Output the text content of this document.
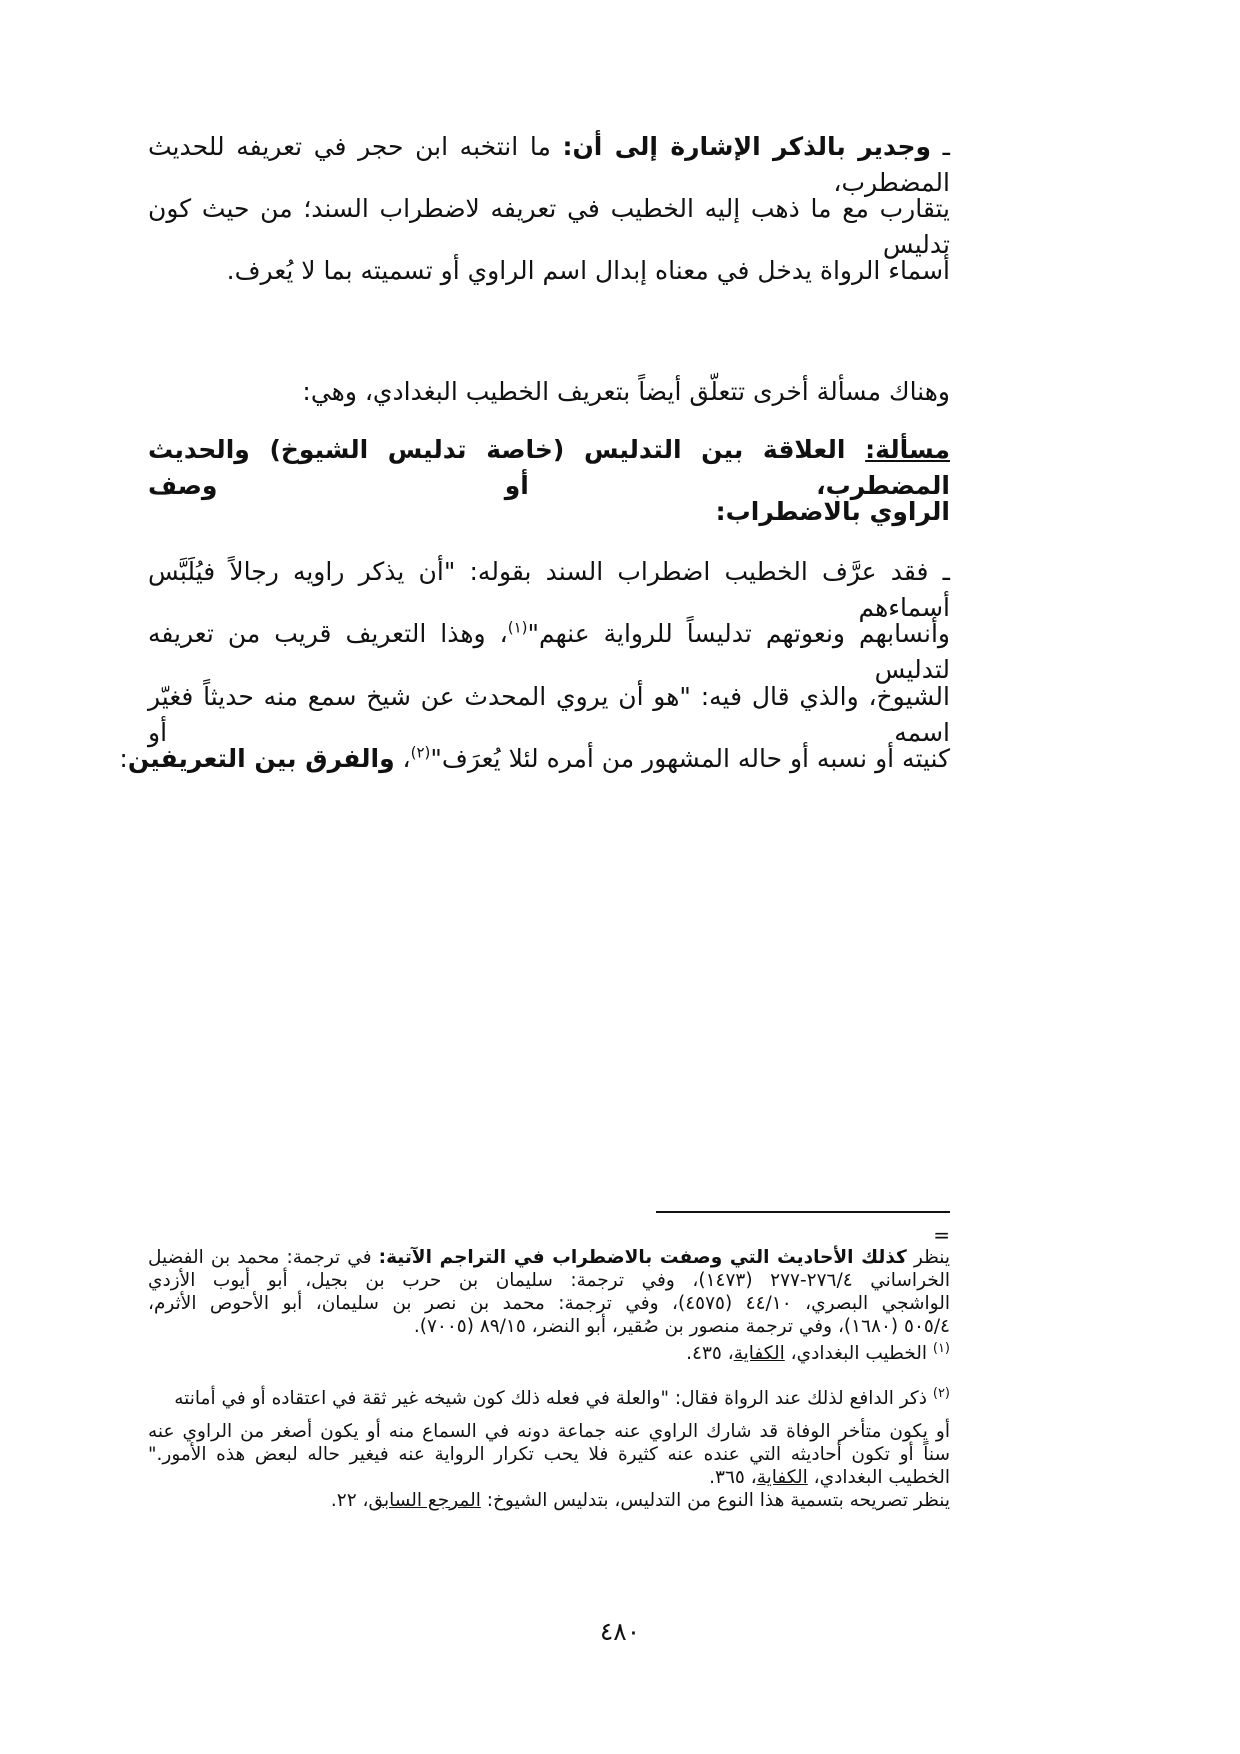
ـ وجدير بالذكر الإشارة إلى أن: ما انتخبه ابن حجر في تعريفه للحديث المضطرب،
يتقارب مع ما ذهب إليه الخطيب في تعريفه لاضطراب السند؛ من حيث كون تدليس
أسماء الرواة يدخل في معناه إبدال اسم الراوي أو تسميته بما لا يُعرف.
وهناك مسألة أخرى تتعلّق أيضاً بتعريف الخطيب البغدادي، وهي:
مسألة: العلاقة بين التدليس (خاصة تدليس الشيوخ) والحديث المضطرب، أو وصف
الراوي بالاضطراب:
ـ فقد عرَّف الخطيب اضطراب السند بقوله: "أن يذكر راويه رجالاً فيُلَبَّس أسماءهم
وأنسابهم ونعوتهم تدليساً للرواية عنهم"$^{(١)}$، وهذا التعريف قريب من تعريفه لتدليس
الشيوخ، والذي قال فيه: "هو أن يروي المحدث عن شيخ سمع منه حديثاً فغيّر اسمه أو
كنيته أو نسبه أو حاله المشهور من أمره لئلا يُعرَف"$^{(٢)}$، والفرق بين التعريفين:
=
ينظر كذلك الأحاديث التي وصفت بالاضطراب في التراجم الآتية: في ترجمة: محمد بن الفضيل
الخراساني ٢٧٦/٤-٢٧٧ (١٤٧٣)، وفي ترجمة: سليمان بن حرب بن بجيل، أبو أيوب الأزدي
الواشجي البصري، ٤٤/١٠ (٤٥٧٥)، وفي ترجمة: محمد بن نصر بن سليمان، أبو الأحوص الأثرم،
٥٠٥/٤ (١٦٨٠)، وفي ترجمة منصور بن صُقير، أبو النضر، ٨٩/١٥ (٧٠٠٥).
$^{(١)}$ الخطيب البغدادي، الكفاية، ٤٣٥.
$^{(٢)}$ ذكر الدافع لذلك عند الرواة فقال: "والعلة في فعله ذلك كون شيخه غير ثقة في اعتقاده أو في أمانته
أو يكون متأخر الوفاة قد شارك الراوي عنه جماعة دونه في السماع منه أو يكون أصغر من الراوي عنه
سناً أو تكون أحاديثه التي عنده عنه كثيرة فلا يحب تكرار الرواية عنه فيغير حاله لبعض هذه الأمور."
الخطيب البغدادي، الكفاية، ٣٦٥.
ينظر تصريحه بتسمية هذا النوع من التدليس، بتدليس الشيوخ: المرجع السابق، ٢٢.
٤٨٠
